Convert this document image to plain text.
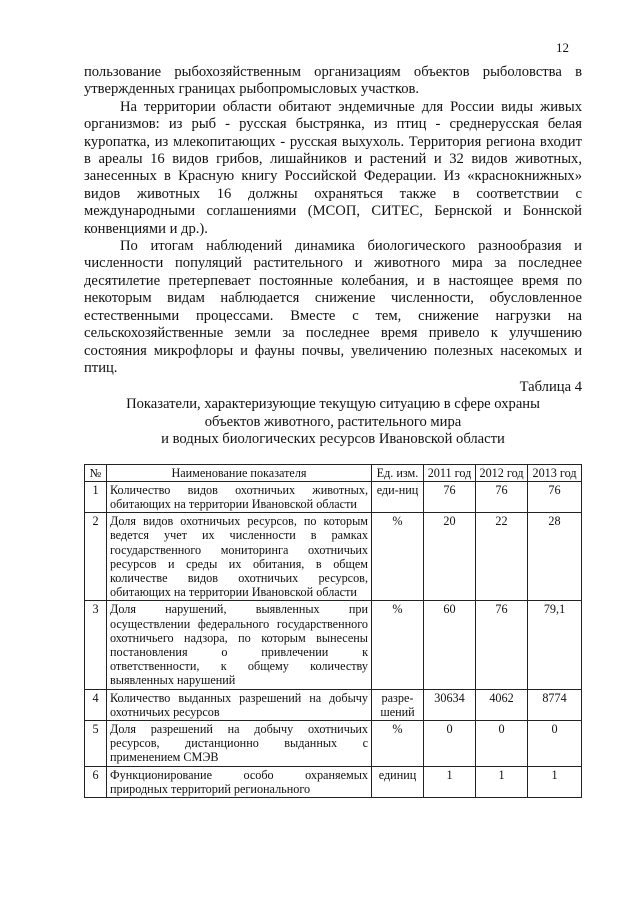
12

пользование рыбохозяйственным организациям объектов рыболовства в утвержденных границах рыбопромысловых участков.

На территории области обитают эндемичные для России виды живых организмов: из рыб - русская быстрянка, из птиц - среднерусская белая куропатка, из млекопитающих - русская выхухоль. Территория региона входит в ареалы 16 видов грибов, лишайников и растений и 32 видов животных, занесенных в Красную книгу Российской Федерации. Из «краснокнижных» видов животных 16 должны охраняться также в соответствии с международными соглашениями (МСОП, СИТЕС, Бернской и Боннской конвенциями и др.).

По итогам наблюдений динамика биологического разнообразия и численности популяций растительного и животного мира за последнее десятилетие претерпевает постоянные колебания, и в настоящее время по некоторым видам наблюдается снижение численности, обусловленное естественными процессами. Вместе с тем, снижение нагрузки на сельскохозяйственные земли за последнее время привело к улучшению состояния микрофлоры и фауны почвы, увеличению полезных насекомых и птиц.

Таблица 4
Показатели, характеризующие текущую ситуацию в сфере охраны
объектов животного, растительного мира
и водных биологических ресурсов Ивановской области
№	Наименование показателя	Ед. изм.	2011 год	2012 год	2013 год
1	Количество видов охотничьих животных, обитающих на территории Ивановской области	еди-ниц	76	76	76
2	Доля видов охотничьих ресурсов, по которым ведется учет их численности в рамках государственного мониторинга охотничьих ресурсов и среды их обитания, в общем количестве видов охотничьих ресурсов, обитающих на территории Ивановской области	%	20	22	28
3	Доля нарушений, выявленных при осуществлении федерального государственного охотничьего надзора, по которым вынесены постановления о привлечении к ответственности, к общему количеству выявленных нарушений	%	60	76	79,1
4	Количество выданных разрешений на добычу охотничьих ресурсов	разре-шений	30634	4062	8774
5	Доля разрешений на добычу охотничьих ресурсов, дистанционно выданных с применением СМЭВ	%	0	0	0
6	Функционирование особо охраняемых природных территорий регионального	единиц	1	1	1
